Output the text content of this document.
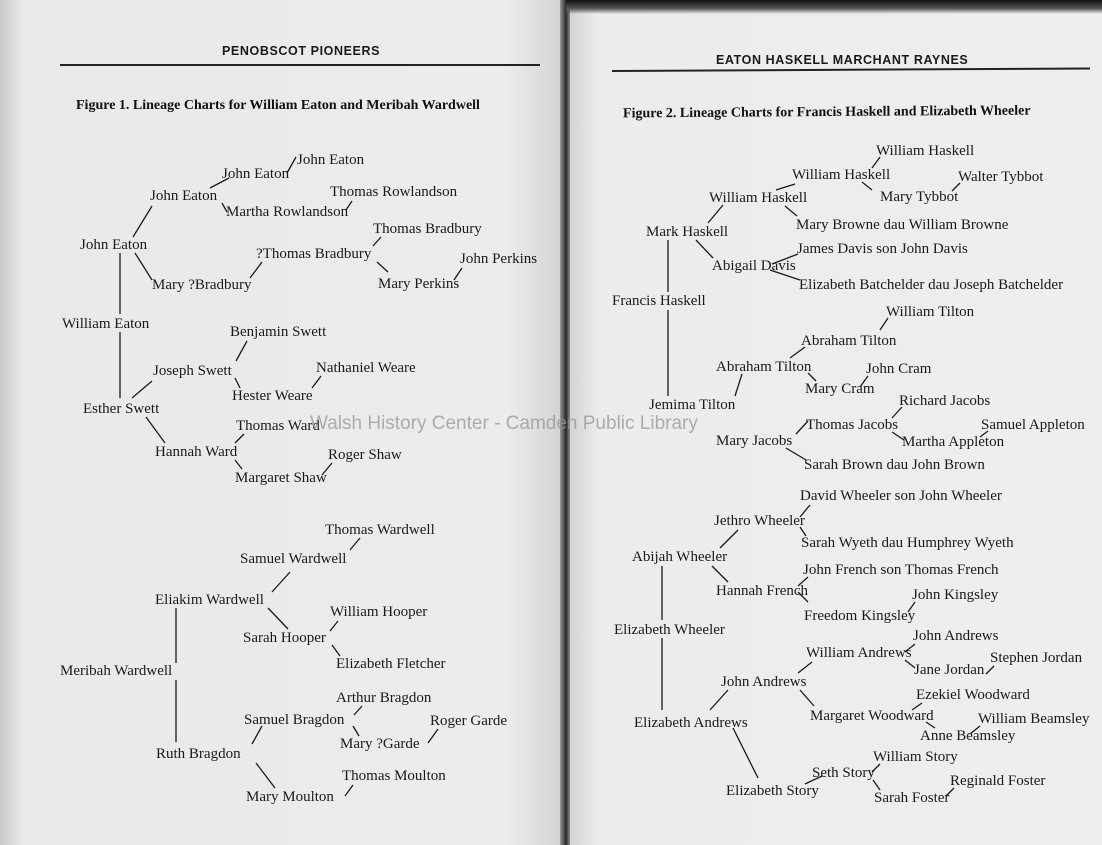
PENOBSCOT PIONEERS
EATON HASKELL MARCHANT RAYNES
Figure 1. Lineage Charts for William Eaton and Meribah Wardwell	Figure 2. Lineage Charts for Francis Haskell and Elizabeth Wheeler
John Eaton
John Eaton
John Eaton	Thomas Rowlandson
Martha Rowlandson
Thomas Bradbury
?Thomas Bradbury
John Eaton
John Perkins
Mary ?Bradbury	Mary Perkins
William Eaton	Benjamin Swett
Nathaniel Weare
Joseph Swett
Hester Weare
Esther Swett
Thomas Ward
Hannah Ward	Roger Shaw
Margaret Shaw
Thomas Wardwell
Samuel Wardwell
Eliakim Wardwell
William Hooper
Sarah Hooper
Meribah Wardwell	Elizabeth Fletcher
Arthur Bragdon
Samuel Bragdon	Roger Garde
Mary ?Garde
Ruth Bragdon
Thomas Moulton
Mary Moulton
William Haskell
William Haskell	Walter Tybbot
William Haskell	Mary Tybbot
Mary Browne dau William Browne
Mark Haskell
James Davis son John Davis
Abigail Davis
Elizabeth Batchelder dau Joseph Batchelder
Francis Haskell
William Tilton
Abraham Tilton
Abraham Tilton	John Cram
Mary Cram
Richard Jacobs
Jemima Tilton
Thomas Jacobs	Samuel Appleton
Mary Jacobs	Martha Appleton
Sarah Brown dau John Brown
David Wheeler son John Wheeler
Jethro Wheeler
Sarah Wyeth dau Humphrey Wyeth
Abijah Wheeler
John French son Thomas French
Hannah French	John Kingsley
Freedom Kingsley
Elizabeth Wheeler	John Andrews
William Andrews	Stephen Jordan
Jane Jordan
John Andrews
Ezekiel Woodward
Margaret Woodward	William Beamsley
Elizabeth Andrews
Anne Beamsley
William Story
Seth Story	Reginald Foster
Elizabeth Story	Sarah Foster
Walsh History Center - Camden Public Library
